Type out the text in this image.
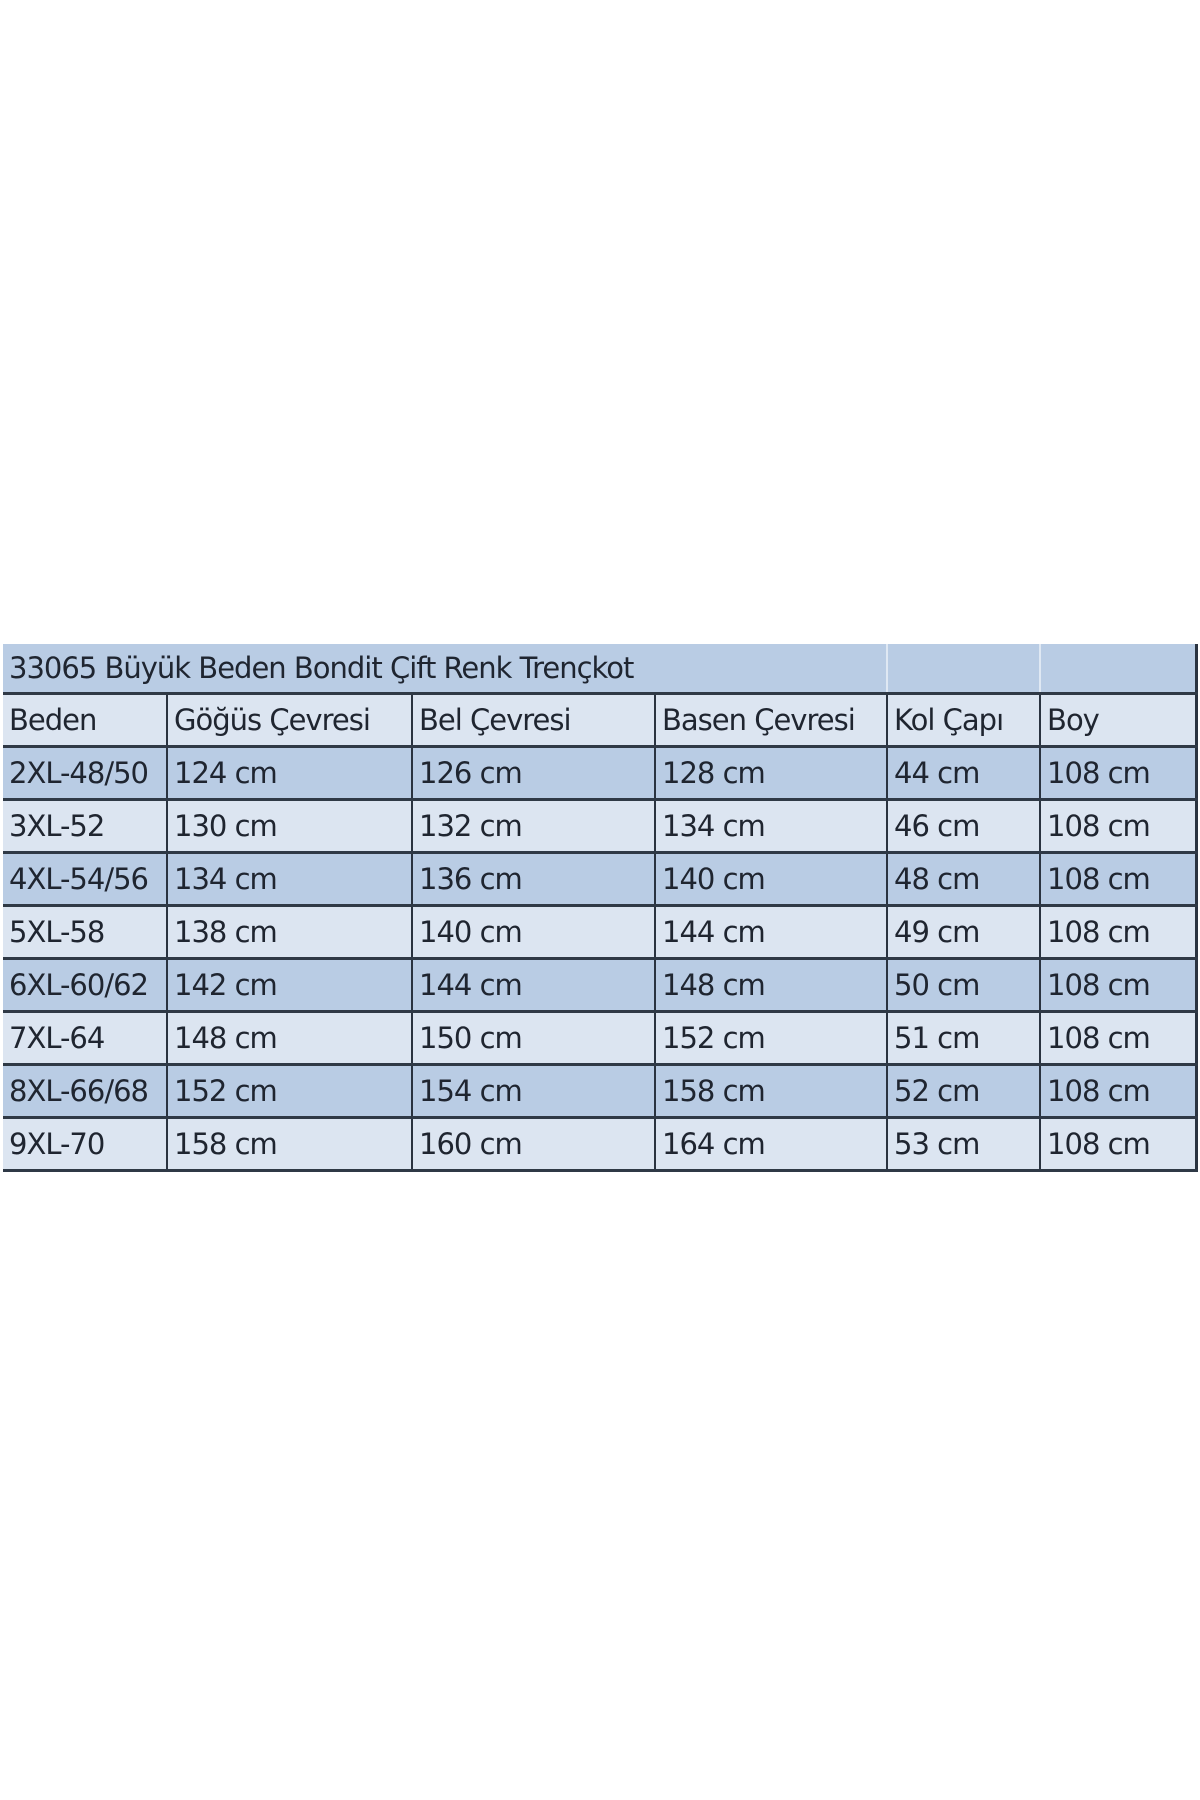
33065 Büyük Beden Bondit Çift Renk Trençkot					
Beden	Göğüs Çevresi	Bel Çevresi	Basen Çevresi	Kol Çapı	Boy
2XL-48/50	124 cm	126 cm	128 cm	44 cm	108 cm
3XL-52	130 cm	132 cm	134 cm	46 cm	108 cm
4XL-54/56	134 cm	136 cm	140 cm	48 cm	108 cm
5XL-58	138 cm	140 cm	144 cm	49 cm	108 cm
6XL-60/62	142 cm	144 cm	148 cm	50 cm	108 cm
7XL-64	148 cm	150 cm	152 cm	51 cm	108 cm
8XL-66/68	152 cm	154 cm	158 cm	52 cm	108 cm
9XL-70	158 cm	160 cm	164 cm	53 cm	108 cm
